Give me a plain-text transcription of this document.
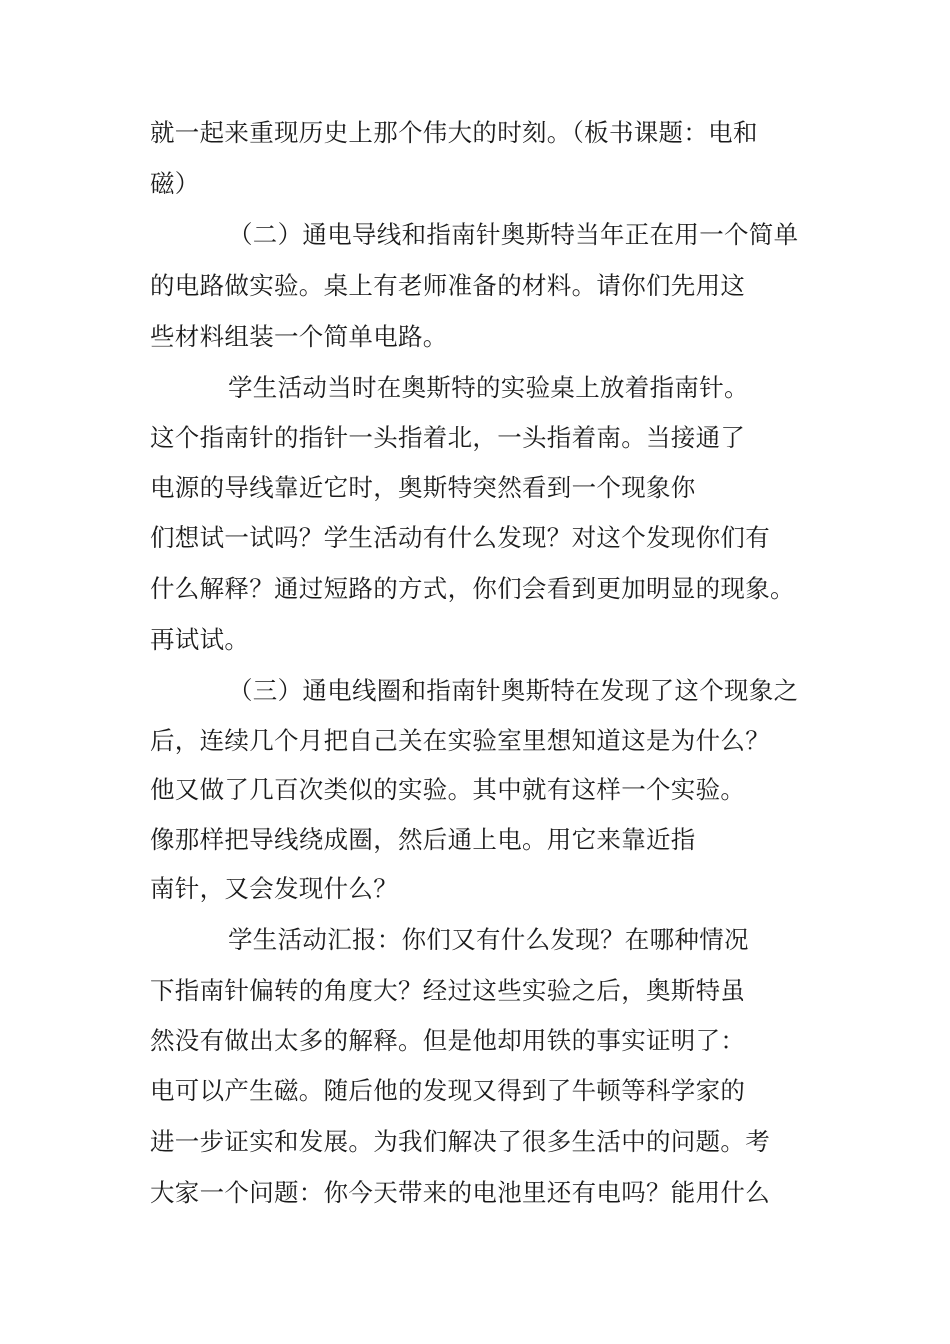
就一起来重现历史上那个伟大的时刻。（板书课题：电和
磁）
（二）通电导线和指南针奥斯特当年正在用一个简单
的电路做实验。桌上有老师准备的材料。请你们先用这
些材料组装一个简单电路。
学生活动当时在奥斯特的实验桌上放着指南针。
这个指南针的指针一头指着北，一头指着南。当接通了
电源的导线靠近它时，奥斯特突然看到一个现象你
们想试一试吗？学生活动有什么发现？对这个发现你们有
什么解释？通过短路的方式，你们会看到更加明显的现象。
再试试。
（三）通电线圈和指南针奥斯特在发现了这个现象之
后，连续几个月把自己关在实验室里想知道这是为什么？
他又做了几百次类似的实验。其中就有这样一个实验。
像那样把导线绕成圈，然后通上电。用它来靠近指
南针，又会发现什么？
学生活动汇报：你们又有什么发现？在哪种情况
下指南针偏转的角度大？经过这些实验之后，奥斯特虽
然没有做出太多的解释。但是他却用铁的事实证明了：
电可以产生磁。随后他的发现又得到了牛顿等科学家的
进一步证实和发展。为我们解决了很多生活中的问题。考
大家一个问题：你今天带来的电池里还有电吗？能用什么
